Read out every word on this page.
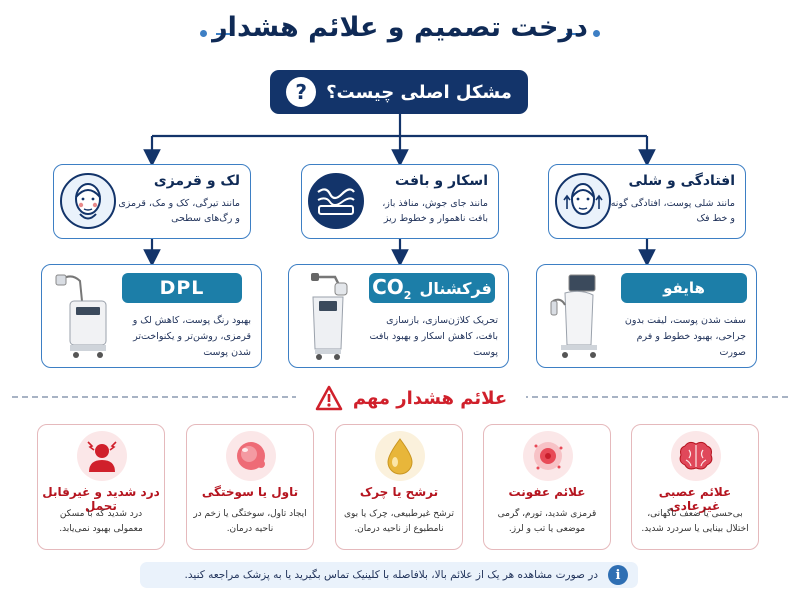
درخت تصمیم و علائم هشدار
مشکل اصلی چیست؟
?
لک و قرمزی
مانند تیرگی، کک و مک، قرمزی و رگ‌های سطحی
اسکار و بافت
مانند جای جوش، منافذ باز، بافت ناهموار و خطوط ریز
افتادگی و شلی
مانند شلی پوست، افتادگی گونه و خط فک
DPL
بهبود رنگ پوست، کاهش لک و قرمزی، روشن‌تر و یکنواخت‌تر شدن پوست
فرکشنال
$CO_2$
تحریک کلاژن‌سازی، بازسازی بافت، کاهش اسکار و بهبود بافت پوست
هایفو
سفت شدن پوست، لیفت بدون جراحی، بهبود خطوط و فرم صورت
علائم هشدار مهم
علائم عصبی غیرعادی
بی‌حسی یا ضعف ناگهانی، اختلال بینایی یا سردرد شدید.
علائم عفونت
قرمزی شدید، تورم، گرمی موضعی یا تب و لرز.
ترشح یا چرک
ترشح غیرطبیعی، چرک یا بوی نامطبوع از ناحیه درمان.
تاول یا سوختگی
ایجاد تاول، سوختگی یا زخم در ناحیه درمان.
درد شدید و غیرقابل تحمل
درد شدید که با مسکن معمولی بهبود نمی‌یابد.
i
در صورت مشاهده هر یک از علائم بالا، بلافاصله با کلینیک تماس بگیرید یا به پزشک مراجعه کنید.
